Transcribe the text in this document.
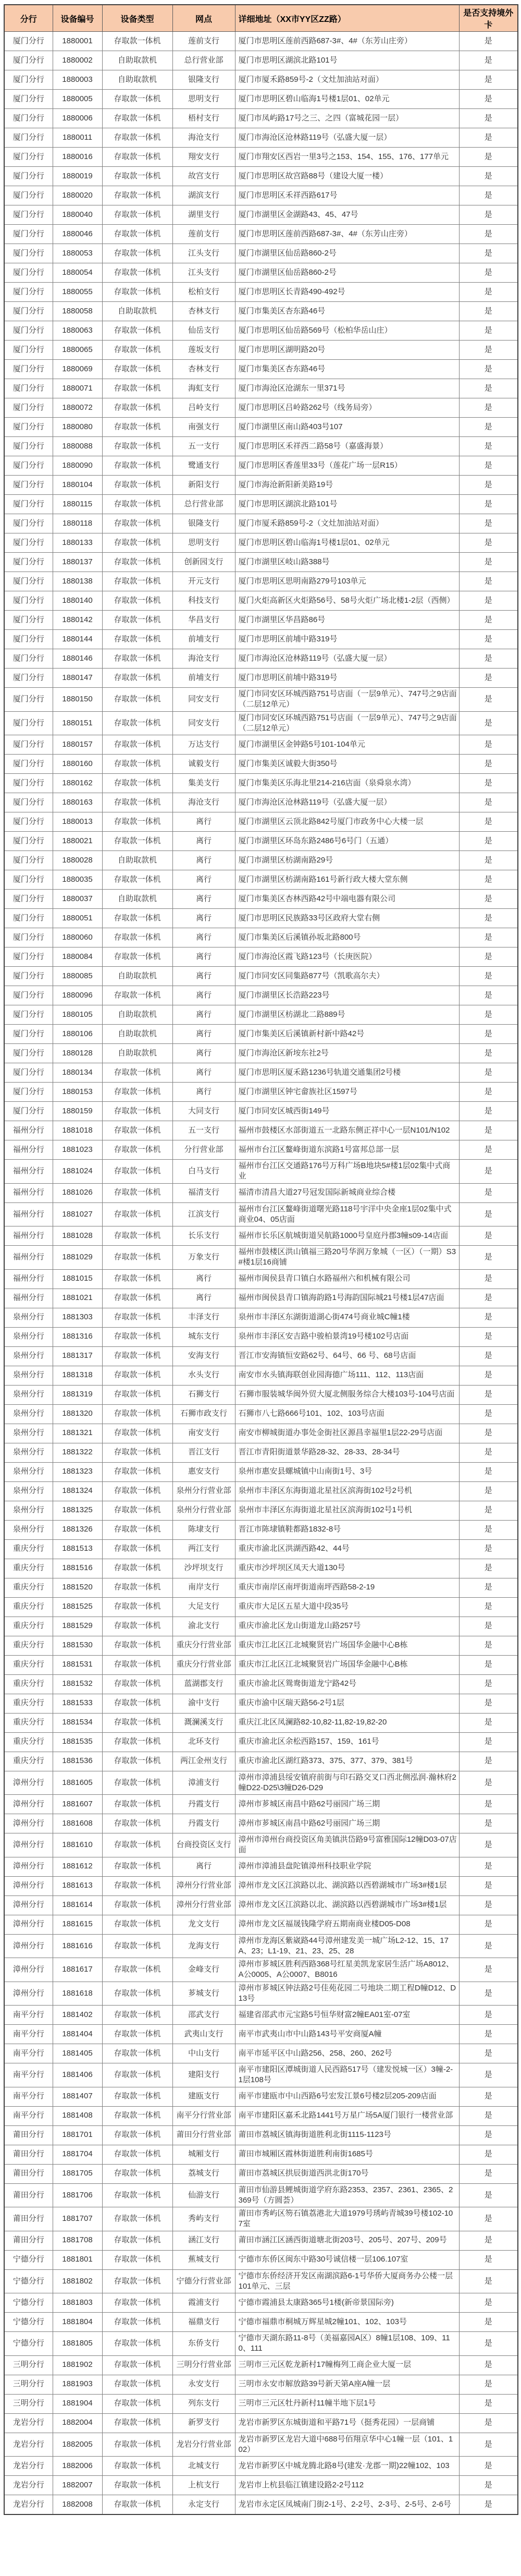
分行	设备编号	设备类型	网点	详细地址（XX市YY区ZZ路）	是否支持境外卡
厦门分行	1880001	存取款一体机	莲前支行	厦门市思明区莲前西路687-3#、4#（东芳山庄旁）	是
厦门分行	1880002	自助取款机	总行营业部	厦门市思明区湖滨北路101号	是
厦门分行	1880003	自助取款机	银隆支行	厦门市厦禾路859号-2（文灶加油站对面）	是
厦门分行	1880005	存取款一体机	思明支行	厦门市思明区碧山临海1号楼1层01、02单元	是
厦门分行	1880006	存取款一体机	梧村支行	厦门市凤屿路17号之三、之四（富城花园一层）	是
厦门分行	1880011	存取款一体机	海沧支行	厦门市海沧区沧林路119号（弘盛大厦一层）	是
厦门分行	1880016	存取款一体机	翔安支行	厦门市翔安区西岩一里3号之153、154、155、176、177单元	是
厦门分行	1880019	存取款一体机	故宫支行	厦门市思明区故宫路88号（建设大厦一楼）	是
厦门分行	1880020	存取款一体机	湖滨支行	厦门市思明区禾祥西路617号	是
厦门分行	1880040	存取款一体机	湖里支行	厦门市湖里区金湖路43、45、47号	是
厦门分行	1880046	存取款一体机	莲前支行	厦门市思明区莲前西路687-3#、4#（东芳山庄旁）	是
厦门分行	1880053	存取款一体机	江头支行	厦门市湖里区仙岳路860-2号	是
厦门分行	1880054	存取款一体机	江头支行	厦门市湖里区仙岳路860-2号	是
厦门分行	1880055	存取款一体机	松柏支行	厦门市思明区长青路490-492号	是
厦门分行	1880058	自助取款机	杏林支行	厦门市集美区杏东路46号	是
厦门分行	1880063	存取款一体机	仙岳支行	厦门市思明区仙岳路569号（松柏华岳山庄）	是
厦门分行	1880065	存取款一体机	莲坂支行	厦门市思明区湖明路20号	是
厦门分行	1880069	存取款一体机	杏林支行	厦门市集美区杏东路46号	是
厦门分行	1880071	存取款一体机	海虹支行	厦门市海沧区沧湖东一里371号	是
厦门分行	1880072	存取款一体机	吕岭支行	厦门市思明区吕岭路262号（线务局旁）	是
厦门分行	1880080	存取款一体机	南强支行	厦门市湖里区南山路403号107	是
厦门分行	1880088	存取款一体机	五一支行	厦门市思明区禾祥西二路58号（嘉盛海景）	是
厦门分行	1880090	存取款一体机	鹭通支行	厦门市思明区香莲里33号（莲花广场一层R15）	是
厦门分行	1880104	存取款一体机	新阳支行	厦门市海沧新阳新美路19号	是
厦门分行	1880115	存取款一体机	总行营业部	厦门市思明区湖滨北路101号	是
厦门分行	1880118	存取款一体机	银隆支行	厦门市厦禾路859号-2（文灶加油站对面）	是
厦门分行	1880133	存取款一体机	思明支行	厦门市思明区碧山临海1号楼1层01、02单元	是
厦门分行	1880137	存取款一体机	创新园支行	厦门市湖里区岐山路388号	是
厦门分行	1880138	存取款一体机	开元支行	厦门市思明区思明南路279号103单元	是
厦门分行	1880140	存取款一体机	科技支行	厦门火炬高新区火炬路56号、58号火炬广场北楼1-2层（西侧）	是
厦门分行	1880142	存取款一体机	华昌支行	厦门市湖里区华昌路86号	是
厦门分行	1880144	存取款一体机	前埔支行	厦门市思明区前埔中路319号	是
厦门分行	1880146	存取款一体机	海沧支行	厦门市海沧区沧林路119号（弘盛大厦一层）	是
厦门分行	1880147	存取款一体机	前埔支行	厦门市思明区前埔中路319号	是
厦门分行	1880150	存取款一体机	同安支行	厦门市同安区环城西路751号店面（一层9单元）、747号之9店面（二层12单元）	是
厦门分行	1880151	存取款一体机	同安支行	厦门市同安区环城西路751号店面（一层9单元）、747号之9店面（二层12单元）	是
厦门分行	1880157	存取款一体机	万达支行	厦门市湖里区金钟路5号101-104单元	是
厦门分行	1880160	存取款一体机	诚毅支行	厦门市集美区诚毅大街350号	是
厦门分行	1880162	存取款一体机	集美支行	厦门市集美区乐海北里214-216店面（泉舜泉水湾）	是
厦门分行	1880163	存取款一体机	海沧支行	厦门市海沧区沧林路119号（弘盛大厦一层）	是
厦门分行	1880013	存取款一体机	离行	厦门市湖里区云顶北路842号厦门市政务中心大楼一层	是
厦门分行	1880021	存取款一体机	离行	厦门市湖里区环岛东路2486号6号门（五通）	是
厦门分行	1880028	自助取款机	离行	厦门市湖里区枋湖南路29号	是
厦门分行	1880035	存取款一体机	离行	厦门市湖里区枋湖南路161号新行政大楼大堂东侧	是
厦门分行	1880037	自助取款机	离行	厦门市集美区杏林西路42号中端电器有限公司	是
厦门分行	1880051	存取款一体机	离行	厦门市思明区民族路33号区政府大堂右侧	是
厦门分行	1880060	存取款一体机	离行	厦门市集美区后溪镇孙坂北路800号	是
厦门分行	1880084	存取款一体机	离行	厦门市海沧区霞飞路123号（长庚医院）	是
厦门分行	1880085	自助取款机	离行	厦门市同安区同集路877号（凯歌高尔夫）	是
厦门分行	1880096	存取款一体机	离行	厦门市湖里区长浩路223号	是
厦门分行	1880105	自助取款机	离行	厦门市湖里区枋湖北二路889号	是
厦门分行	1880106	自助取款机	离行	厦门市集美区后溪镇新村新中路42号	是
厦门分行	1880128	自助取款机	离行	厦门市海沧区新垵东社2号	是
厦门分行	1880134	存取款一体机	离行	厦门市思明区厦禾路1236号轨道交通集团2号楼	是
厦门分行	1880153	存取款一体机	离行	厦门市湖里区钟宅畲族社区1597号	是
厦门分行	1880159	存取款一体机	大同支行	厦门市同安区城西街149号	是
福州分行	1881018	存取款一体机	五一支行	福州市鼓楼区水部街道五一北路东侧正祥中心一层N101/N102	是
福州分行	1881023	存取款一体机	分行营业部	福州市台江区鳌峰街道东滨路1号富邦总部一层	是
福州分行	1881024	存取款一体机	白马支行	福州市台江区交通路176号万科广场B地块5#楼1层02集中式商业	是
福州分行	1881026	存取款一体机	福清支行	福清市清昌大道27号冠发国际新城商业综合楼	是
福州分行	1881027	存取款一体机	江滨支行	福州市台江区鳌峰街道曙光路118号宇洋中央金座1层02集中式商业04、05店面	是
福州分行	1881028	存取款一体机	长乐支行	福州市长乐区航城街道吴航路1000号皇庭丹郡3幢s09-14店面	是
福州分行	1881029	存取款一体机	万象支行	福州市鼓楼区洪山镇福三路20号华润万象城（一区）（一期）S3#楼1层16商铺	是
福州分行	1881015	存取款一体机	离行	福州市闽侯县青口镇白水路福州六和机械有限公司	是
福州分行	1881021	存取款一体机	离行	福州市闽侯县青口镇海韵路1号海韵国际城21号楼1层47店面	是
泉州分行	1881303	存取款一体机	丰泽支行	泉州市丰泽区东湖街道湖心街474号商业城C幢1楼	是
泉州分行	1881316	存取款一体机	城东支行	泉州市丰泽区安吉路中骏柏景湾19号楼102号店面	是
泉州分行	1881317	存取款一体机	安海支行	晋江市安海镇恒安路62号、64号、66 号、68号店面	是
泉州分行	1881318	存取款一体机	水头支行	南安市水头镇海联创业园海德广场111、112、113店面	是
泉州分行	1881319	存取款一体机	石狮支行	石狮市服装城华闽外贸大厦北侧服务综合大楼103号-104号店面	是
泉州分行	1881320	存取款一体机	石狮市政支行	石狮市八七路666号101、102、103号店面	是
泉州分行	1881321	存取款一体机	南安支行	南安市柳城街道办事处金街社区源昌幸福里1层22-29号店面	是
泉州分行	1881322	存取款一体机	晋江支行	晋江市青阳街道景华路28-32、28-33、28-34号	是
泉州分行	1881323	存取款一体机	惠安支行	泉州市惠安县螺城镇中山南街1号、3号	是
泉州分行	1881324	存取款一体机	泉州分行营业部	泉州市丰泽区东海街道北星社区滨海街102号2号机	是
泉州分行	1881325	存取款一体机	泉州分行营业部	泉州市丰泽区东海街道北星社区滨海街102号1号机	是
泉州分行	1881326	存取款一体机	陈埭支行	晋江市陈埭镇鞋都路1832-8号	是
重庆分行	1881513	存取款一体机	两江支行	重庆市渝北区洪湖西路42、44号	是
重庆分行	1881516	存取款一体机	沙坪坝支行	重庆市沙坪坝区凤天大道130号	是
重庆分行	1881520	存取款一体机	南岸支行	重庆市南岸区南坪街道南坪西路58-2-19	是
重庆分行	1881525	存取款一体机	大足支行	重庆市大足区五星大道中段35号	是
重庆分行	1881529	存取款一体机	渝北支行	重庆市渝北区龙山街道龙山路257号	是
重庆分行	1881530	存取款一体机	重庆分行营业部	重庆市江北区江北城聚贤岩广场国华金融中心B栋	是
重庆分行	1881531	存取款一体机	重庆分行营业部	重庆市江北区江北城聚贤岩广场国华金融中心B栋	是
重庆分行	1881532	存取款一体机	蓝湖郡支行	重庆市渝北区鸳鸯街道龙宁路42号	是
重庆分行	1881533	存取款一体机	渝中支行	重庆市渝中区瑞天路56-2号1层	是
重庆分行	1881534	存取款一体机	溉澜溪支行	重庆江北区凤澜路82-10,82-11,82-19,82-20	是
重庆分行	1881535	存取款一体机	北环支行	重庆市渝北区余松西路157、159、161号	是
重庆分行	1881536	存取款一体机	两江金州支行	重庆市渝北区湖红路373、375、377、379、381号	是
漳州分行	1881605	存取款一体机	漳浦支行	漳州市漳浦县绥安镇府前街与印石路交叉口西北侧泓润·瀚林府2幢D22-D25\3幢D26-D29	是
漳州分行	1881607	存取款一体机	丹霞支行	漳州市芗城区南昌中路62号丽园广场三期	是
漳州分行	1881608	存取款一体机	丹霞支行	漳州市芗城区南昌中路62号丽园广场三期	是
漳州分行	1881610	存取款一体机	台商投资区支行	漳州市漳州台商投资区角美镇洪岱路9号富雅国际12幢D03-07店面	是
漳州分行	1881612	存取款一体机	离行	漳州市漳浦县盘陀镇漳州科技职业学院	是
漳州分行	1881613	存取款一体机	漳州分行营业部	漳州市龙文区江滨路以北、湖滨路以西碧湖城市广场3#楼1层	是
漳州分行	1881614	存取款一体机	漳州分行营业部	漳州市龙文区江滨路以北、湖滨路以西碧湖城市广场3#楼1层	是
漳州分行	1881615	存取款一体机	龙文支行	漳州市龙文区福晟钱隆学府五期南商业楼D05-D08	是
漳州分行	1881616	存取款一体机	龙海支行	漳州市龙海区紫崴路44号漳州建发美一城广场L2-12、15、17A、23；L1-19、21、23、25、28	是
漳州分行	1881617	存取款一体机	金峰支行	漳州市芗城区胜利西路368号红星美凯龙家居生活广场A8012、A公0005、A公0007、B8016	是
漳州分行	1881618	存取款一体机	芗城支行	漳州市芗城区钟法路2号佳苑花园二号地块二期工程D幢D12、D13号	是
南平分行	1881402	存取款一体机	邵武支行	福建省邵武市元宝路5号恒华财富2幢EA01室-07室	是
南平分行	1881404	存取款一体机	武夷山支行	南平市武夷山市中山路143号平安商厦A幢	是
南平分行	1881405	存取款一体机	中山支行	南平市延平区中山路256、258、260、262号	是
南平分行	1881406	存取款一体机	建阳支行	南平市建阳区潭城街道人民西路517号（建发悦城一区）3幢-2-1层108号	是
南平分行	1881407	存取款一体机	建瓯支行	南平市建瓯市中山西路6号宏发江景6号楼2层205-209店面	是
南平分行	1881408	存取款一体机	南平分行营业部	南平市建阳区嘉禾北路1441号万星广场5A厦门银行一楼营业部	是
莆田分行	1881701	存取款一体机	莆田分行营业部	莆田市荔城区镇海街道胜利北街1115-1123号	是
莆田分行	1881704	存取款一体机	城厢支行	莆田市城厢区霞林街道胜利南街1685号	是
莆田分行	1881705	存取款一体机	荔城支行	莆田市荔城区拱辰街道西洪北街170号	是
莆田分行	1881706	存取款一体机	仙游支行	莆田市仙游县鲤城街道学府东路2353、2357、2361、2365、2369号（方圆荟）	是
莆田分行	1881707	存取款一体机	秀屿支行	莆田市秀屿区笏石镇荔港北大道1979号琇屿青城39号楼102-107室	是
莆田分行	1881708	存取款一体机	涵江支行	莆田市涵江区涵西街道塘北街203号、205号、207号、209号	是
宁德分行	1881801	存取款一体机	蕉城支行	宁德市东侨区闽东中路30号诚信楼一层106.107室	是
宁德分行	1881802	存取款一体机	宁德分行营业部	宁德市东侨经济开发区南湖滨路6-1号华侨大厦商务办公楼一层101单元、三层	是
宁德分行	1881803	存取款一体机	霞浦支行	宁德市霞浦县太康路365号1楼(新帝景国际旁)	是
宁德分行	1881804	存取款一体机	福鼎支行	宁德市福鼎市桐城万辉星城2幢101、102、103号	是
宁德分行	1881805	存取款一体机	东侨支行	宁德市天湖东路11-8号（美福嘉园A区）8幢1层108、109、110、111	是
三明分行	1881902	存取款一体机	三明分行营业部	三明市三元区乾龙新村17幢梅列工商企业大厦一层	是
三明分行	1881903	存取款一体机	永安支行	三明市永安市解放路39号新天第A座A幢一层	是
三明分行	1881904	存取款一体机	列东支行	三明市三元区牡丹新村11幢半地下层1号	是
龙岩分行	1882004	存取款一体机	新罗支行	龙岩市新罗区东城街道和平路71号（挺秀花园）一层商铺	是
龙岩分行	1882005	存取款一体机	龙岩分行营业部	龙岩市新罗区龙岩大道中688号佰翔京华中心1幢一层（101、102）	是
龙岩分行	1882006	存取款一体机	北城支行	龙岩市新罗区中城龙腾北路8号(建发·龙郡一期)22幢102、103	是
龙岩分行	1882007	存取款一体机	上杭支行	龙岩市上杭县临江镇建设路2-2号112	是
龙岩分行	1882008	存取款一体机	永定支行	龙岩市永定区凤城南门街2-1号、2-2号、2-3号、2-5号、2-6号	是
